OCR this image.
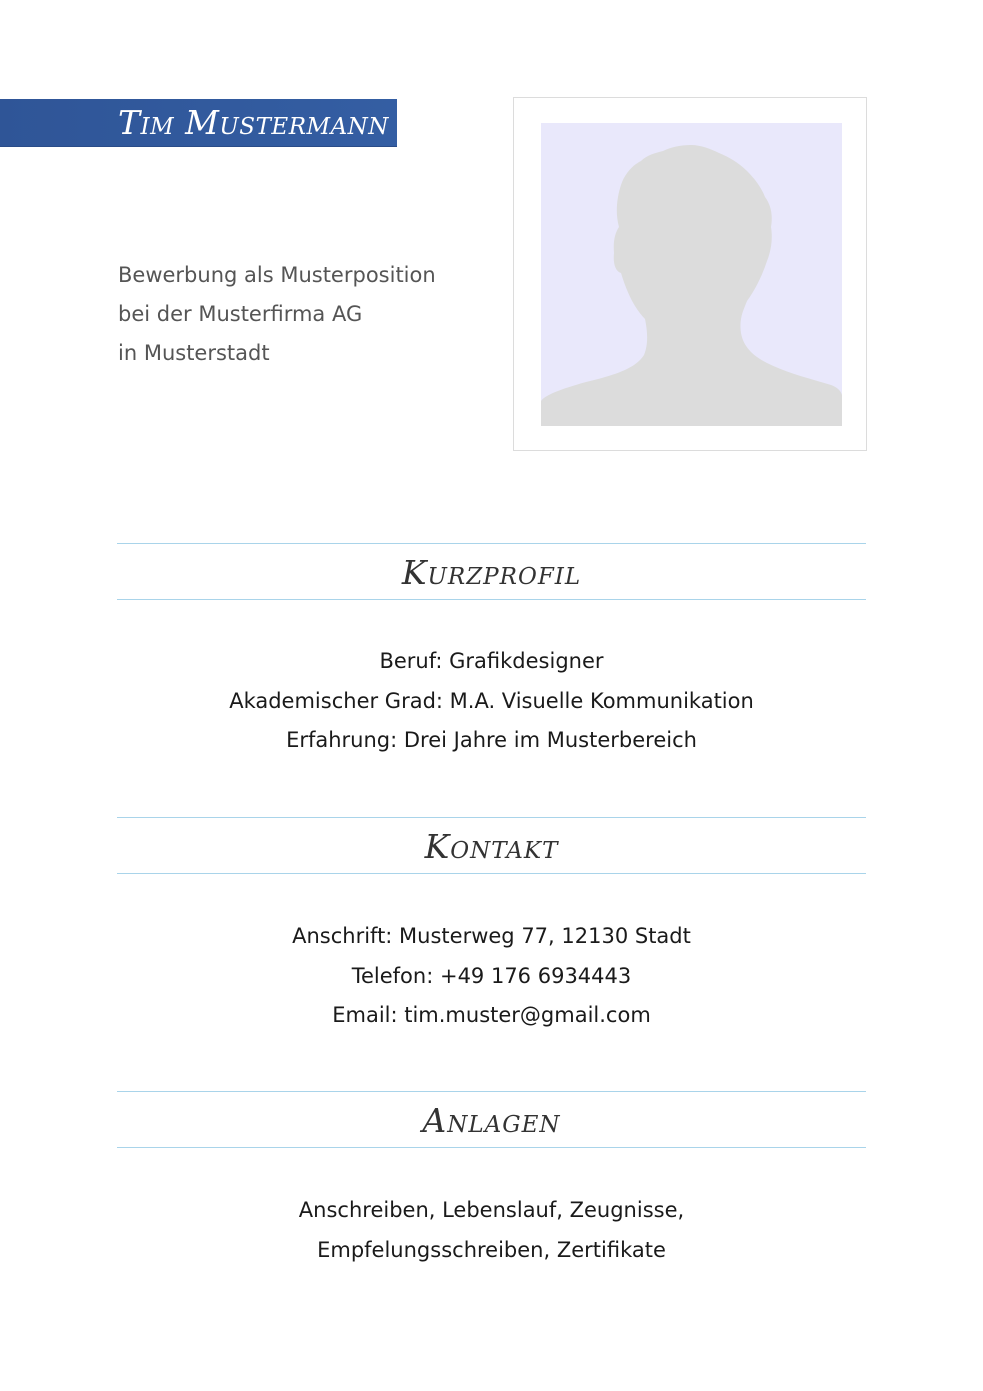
Tim Mustermann
Bewerbung als Musterposition
bei der Musterfirma AG
in Musterstadt
Kurzprofil
Beruf: Grafikdesigner
Akademischer Grad: M.A. Visuelle Kommunikation
Erfahrung: Drei Jahre im Musterbereich
Kontakt
Anschrift: Musterweg 77, 12130 Stadt
Telefon: +49 176 6934443
Email: tim.muster@gmail.com
Anlagen
Anschreiben, Lebenslauf, Zeugnisse,
Empfelungsschreiben, Zertifikate
